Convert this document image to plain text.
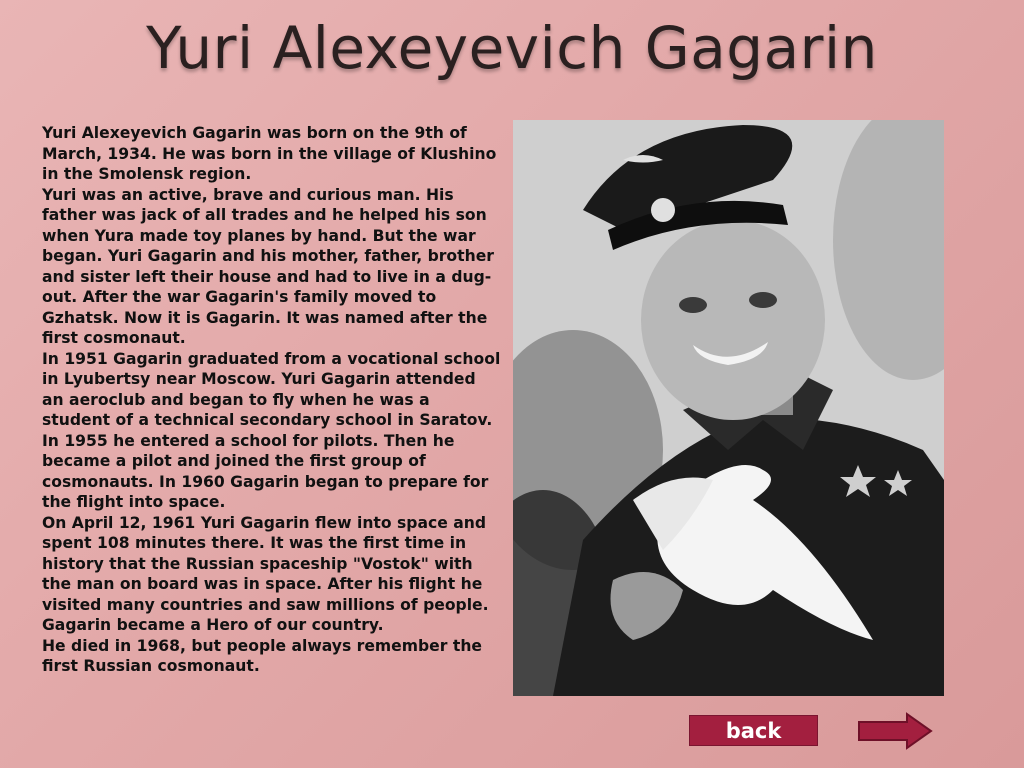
Yuri Alexeyevich Gagarin

Yuri Alexeyevich Gagarin was born on the 9th of March, 1934. He was born in the village of Klushino in the Smolensk region.

Yuri was an active, brave and curious man. His father was jack of all trades and he helped his son when Yura made toy planes by hand. But the war began. Yuri Gagarin and his mother, father, brother and sister left their house and had to live in a dug-out. After the war Gagarin's family moved to Gzhatsk. Now it is Gagarin. It was named after the first cosmonaut.

In 1951 Gagarin graduated from a vocational school in Lyubertsy near Moscow. Yuri Gagarin attended an aeroclub and began to fly when he was a student of a technical secondary school in Saratov. In 1955 he entered a school for pilots. Then he became a pilot and joined the first group of cosmonauts. In 1960 Gagarin began to prepare for the flight into space.

On April 12, 1961 Yuri Gagarin flew into space and spent 108 minutes there. It was the first time in history that the Russian spaceship "Vostok" with the man on board was in space. After his flight he visited many countries and saw millions of people. Gagarin became a Hero of our country.

He died in 1968, but people always remember the first Russian cosmonaut.

back
